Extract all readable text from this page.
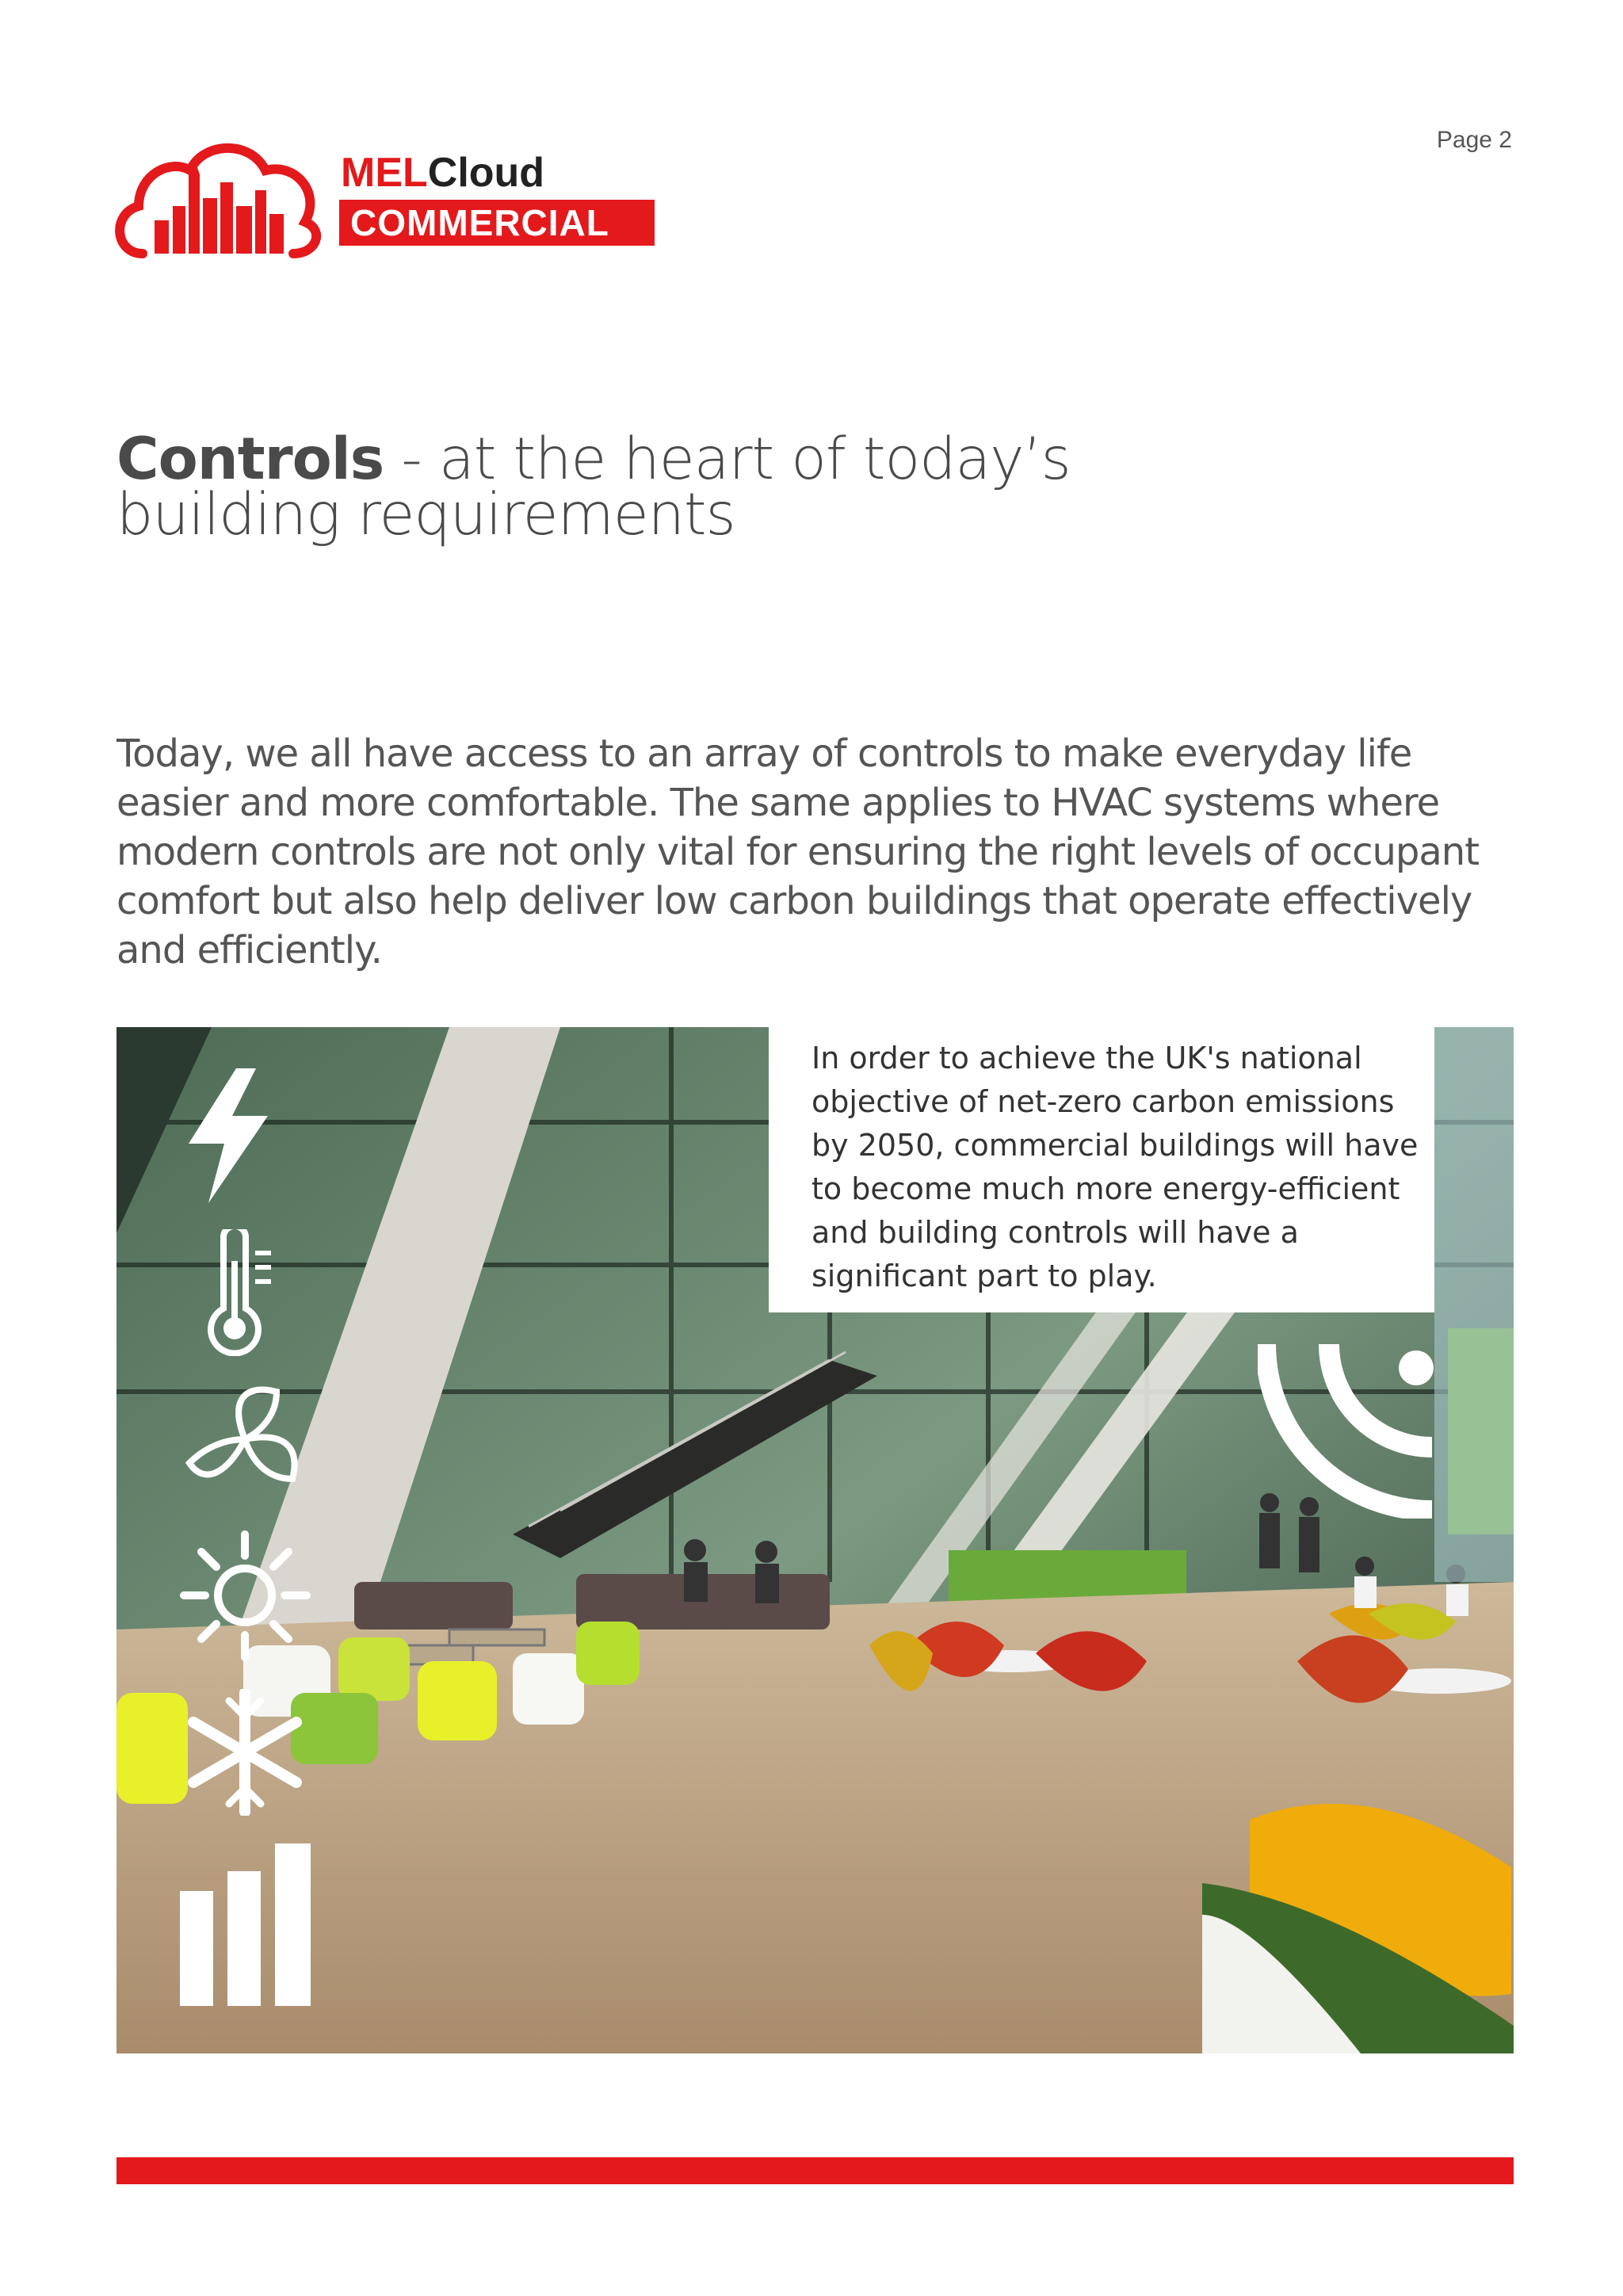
Page 2
MELCloud
COMMERCIAL
Controls - at the heart of today’s
building requirements

Today, we all have access to an array of controls to make everyday life easier and more comfortable. The same applies to HVAC systems where modern controls are not only vital for ensuring the right levels of occupant comfort but also help deliver low carbon buildings that operate effectively and efficiently.

In order to achieve the UK's national objective of net-zero carbon emissions by 2050, commercial buildings will have to become much more energy-efficient and building controls will have a significant part to play.
